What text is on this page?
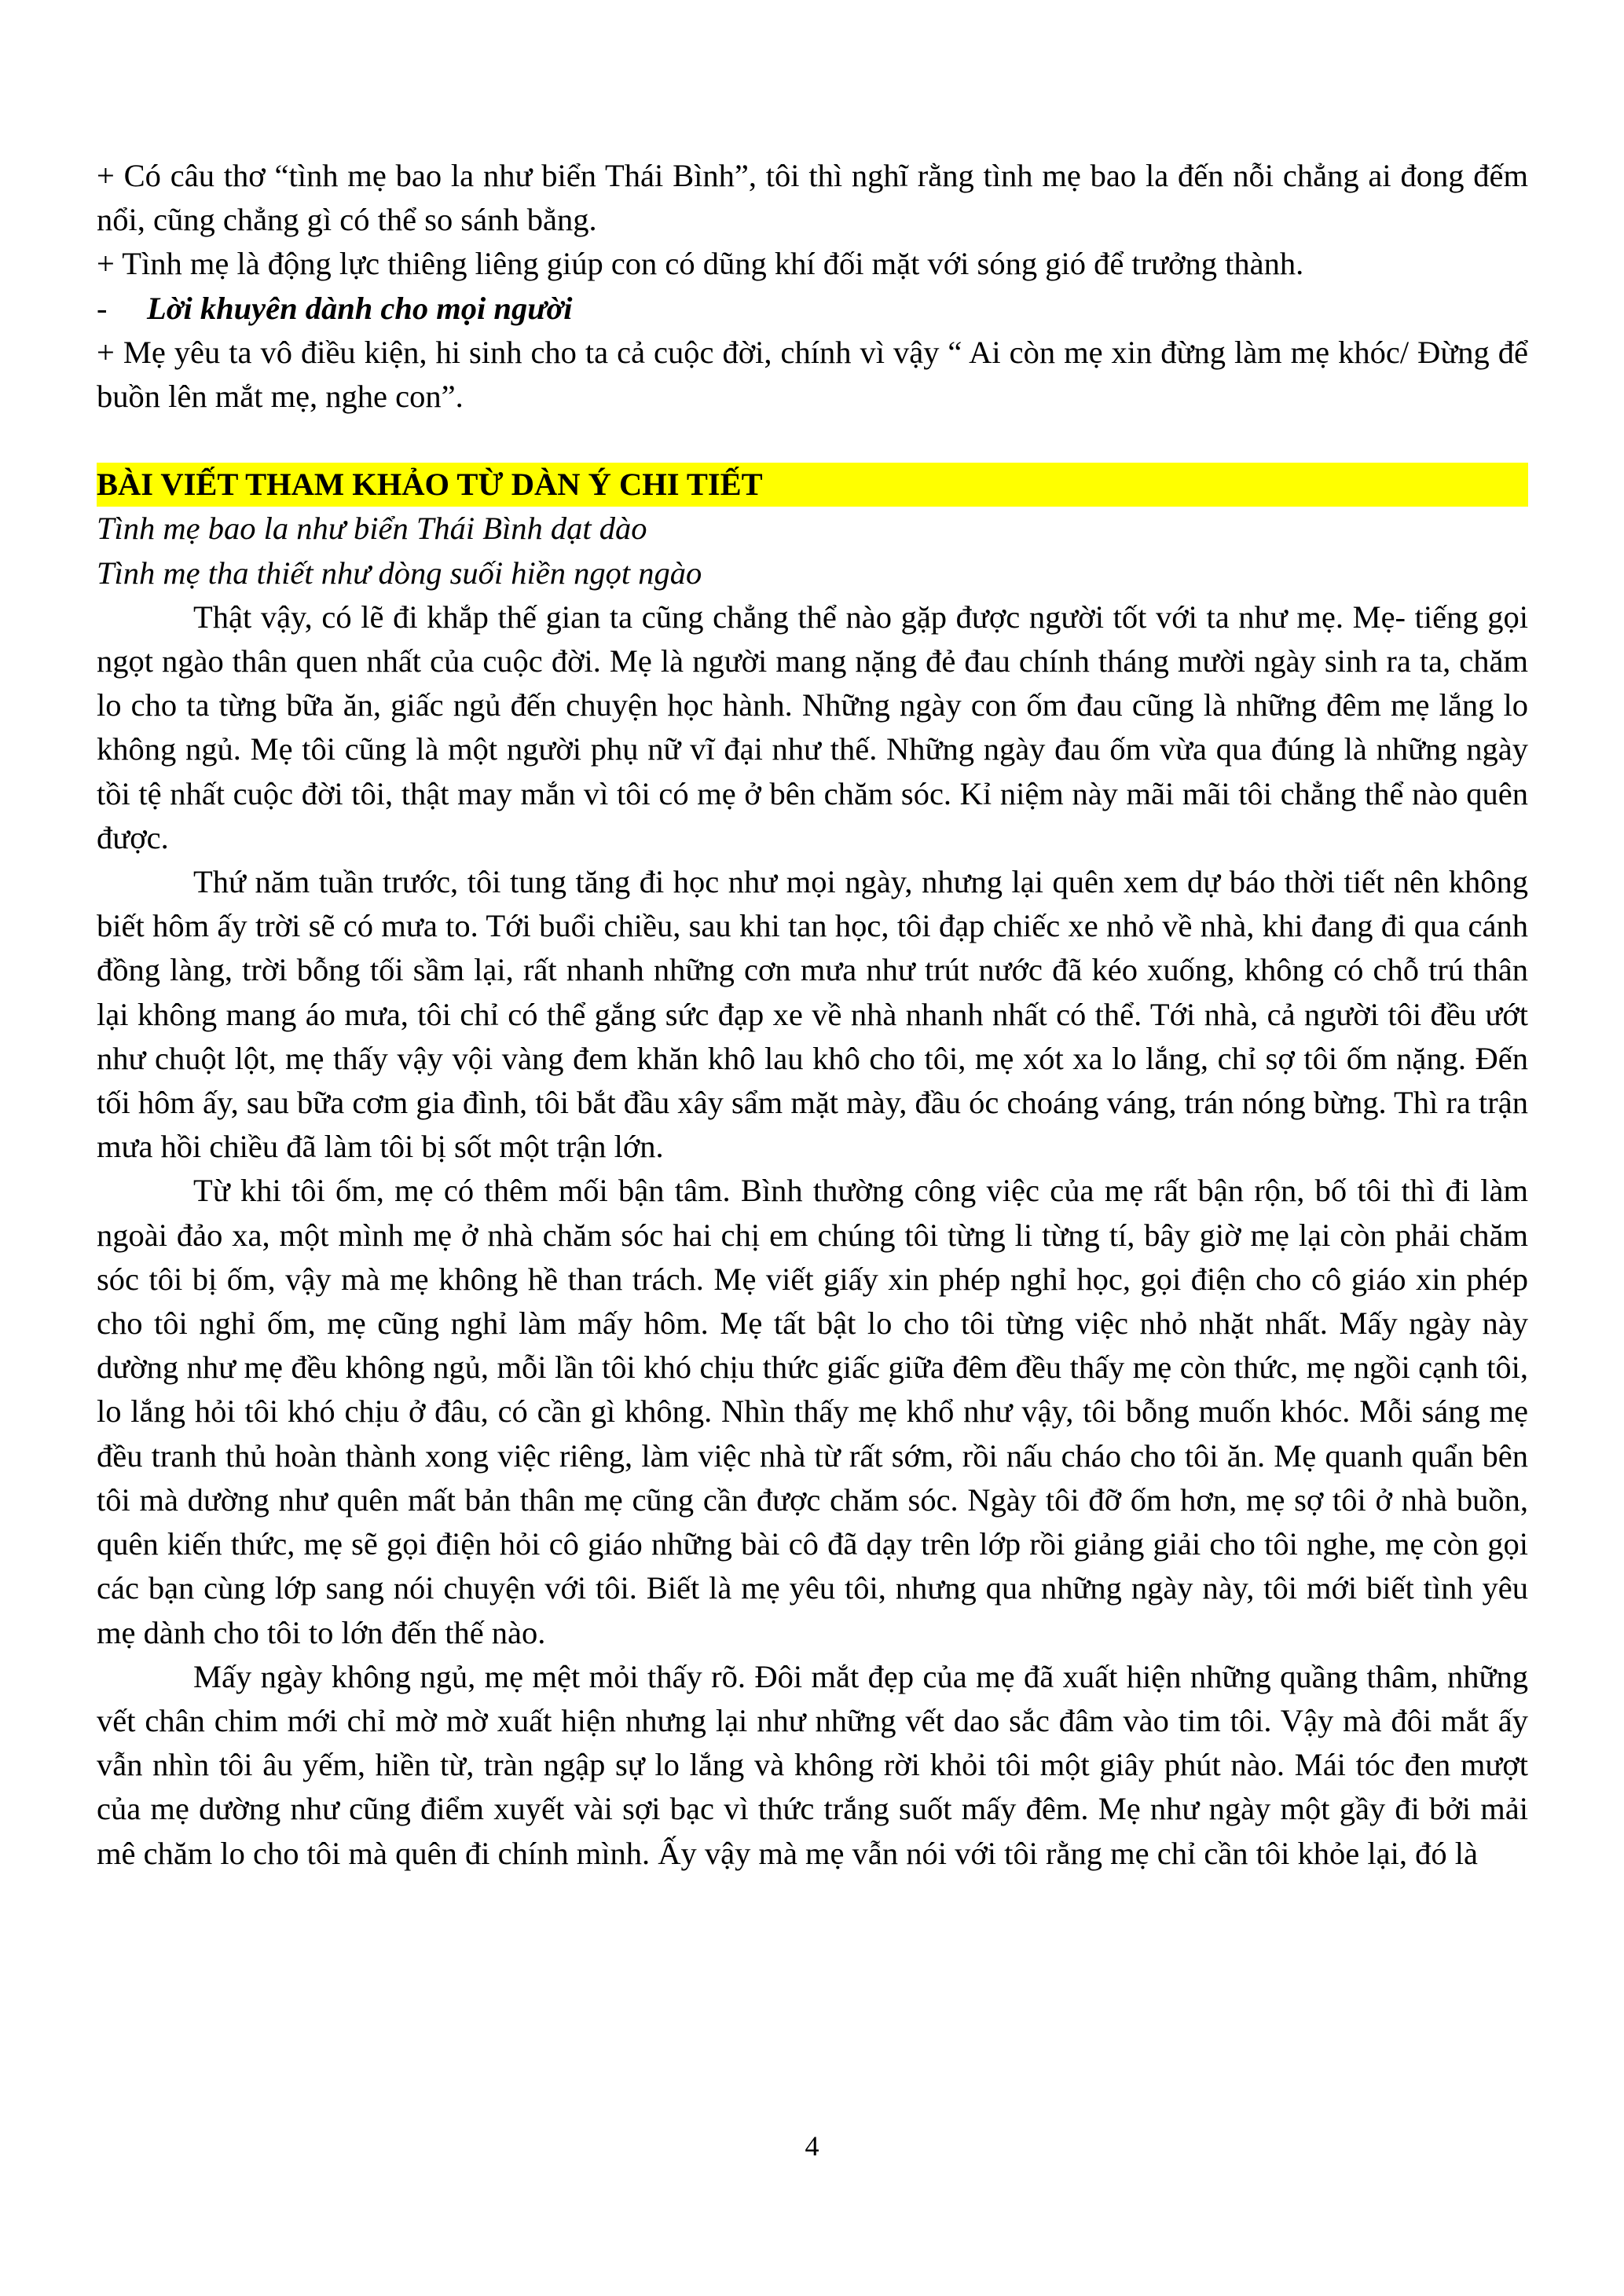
+ Có câu thơ “tình mẹ bao la như biển Thái Bình”, tôi thì nghĩ rằng tình mẹ bao la đến nỗi chẳng ai đong đếm nổi, cũng chẳng gì có thể so sánh bằng.

+ Tình mẹ là động lực thiêng liêng giúp con có dũng khí đối mặt với sóng gió để trưởng thành.

-	Lời khuyên dành cho mọi người

+ Mẹ yêu ta vô điều kiện, hi sinh cho ta cả cuộc đời, chính vì vậy “ Ai còn mẹ xin đừng làm mẹ khóc/ Đừng để buồn lên mắt mẹ, nghe con”.

BÀI VIẾT THAM KHẢO TỪ DÀN Ý CHI TIẾT

Tình mẹ bao la như biển Thái Bình dạt dào

Tình mẹ tha thiết như dòng suối hiền ngọt ngào

Thật vậy, có lẽ đi khắp thế gian ta cũng chẳng thể nào gặp được người tốt với ta như mẹ. Mẹ- tiếng gọi ngọt ngào thân quen nhất của cuộc đời. Mẹ là người mang nặng đẻ đau chính tháng mười ngày sinh ra ta, chăm lo cho ta từng bữa ăn, giấc ngủ đến chuyện học hành. Những ngày con ốm đau cũng là những đêm mẹ lắng lo không ngủ. Mẹ tôi cũng là một người phụ nữ vĩ đại như thế. Những ngày đau ốm vừa qua đúng là những ngày tồi tệ nhất cuộc đời tôi, thật may mắn vì tôi có mẹ ở bên chăm sóc. Kỉ niệm này mãi mãi tôi chẳng thể nào quên được.

Thứ năm tuần trước, tôi tung tăng đi học như mọi ngày, nhưng lại quên xem dự báo thời tiết nên không biết hôm ấy trời sẽ có mưa to. Tới buổi chiều, sau khi tan học, tôi đạp chiếc xe nhỏ về nhà, khi đang đi qua cánh đồng làng, trời bỗng tối sầm lại, rất nhanh những cơn mưa như trút nước đã kéo xuống, không có chỗ trú thân lại không mang áo mưa, tôi chỉ có thể gắng sức đạp xe về nhà nhanh nhất có thể. Tới nhà, cả người tôi đều ướt như chuột lột, mẹ thấy vậy vội vàng đem khăn khô lau khô cho tôi, mẹ xót xa lo lắng, chỉ sợ tôi ốm nặng. Đến tối hôm ấy, sau bữa cơm gia đình, tôi bắt đầu xây sẩm mặt mày, đầu óc choáng váng, trán nóng bừng. Thì ra trận mưa hồi chiều đã làm tôi bị sốt một trận lớn.

Từ khi tôi ốm, mẹ có thêm mối bận tâm. Bình thường công việc của mẹ rất bận rộn, bố tôi thì đi làm ngoài đảo xa, một mình mẹ ở nhà chăm sóc hai chị em chúng tôi từng li từng tí, bây giờ mẹ lại còn phải chăm sóc tôi bị ốm, vậy mà mẹ không hề than trách. Mẹ viết giấy xin phép nghỉ học, gọi điện cho cô giáo xin phép cho tôi nghỉ ốm, mẹ cũng nghỉ làm mấy hôm. Mẹ tất bật lo cho tôi từng việc nhỏ nhặt nhất. Mấy ngày này dường như mẹ đều không ngủ, mỗi lần tôi khó chịu thức giấc giữa đêm đều thấy mẹ còn thức, mẹ ngồi cạnh tôi, lo lắng hỏi tôi khó chịu ở đâu, có cần gì không. Nhìn thấy mẹ khổ như vậy, tôi bỗng muốn khóc. Mỗi sáng mẹ đều tranh thủ hoàn thành xong việc riêng, làm việc nhà từ rất sớm, rồi nấu cháo cho tôi ăn. Mẹ quanh quẩn bên tôi mà dường như quên mất bản thân mẹ cũng cần được chăm sóc. Ngày tôi đỡ ốm hơn, mẹ sợ tôi ở nhà buồn, quên kiến thức, mẹ sẽ gọi điện hỏi cô giáo những bài cô đã dạy trên lớp rồi giảng giải cho tôi nghe, mẹ còn gọi các bạn cùng lớp sang nói chuyện với tôi. Biết là mẹ yêu tôi, nhưng qua những ngày này, tôi mới biết tình yêu mẹ dành cho tôi to lớn đến thế nào.

Mấy ngày không ngủ, mẹ mệt mỏi thấy rõ. Đôi mắt đẹp của mẹ đã xuất hiện những quầng thâm, những vết chân chim mới chỉ mờ mờ xuất hiện nhưng lại như những vết dao sắc đâm vào tim tôi. Vậy mà đôi mắt ấy vẫn nhìn tôi âu yếm, hiền từ, tràn ngập sự lo lắng và không rời khỏi tôi một giây phút nào. Mái tóc đen mượt của mẹ dường như cũng điểm xuyết vài sợi bạc vì thức trắng suốt mấy đêm. Mẹ như ngày một gầy đi bởi mải mê chăm lo cho tôi mà quên đi chính mình. Ấy vậy mà mẹ vẫn nói với tôi rằng mẹ chỉ cần tôi khỏe lại, đó là

4
